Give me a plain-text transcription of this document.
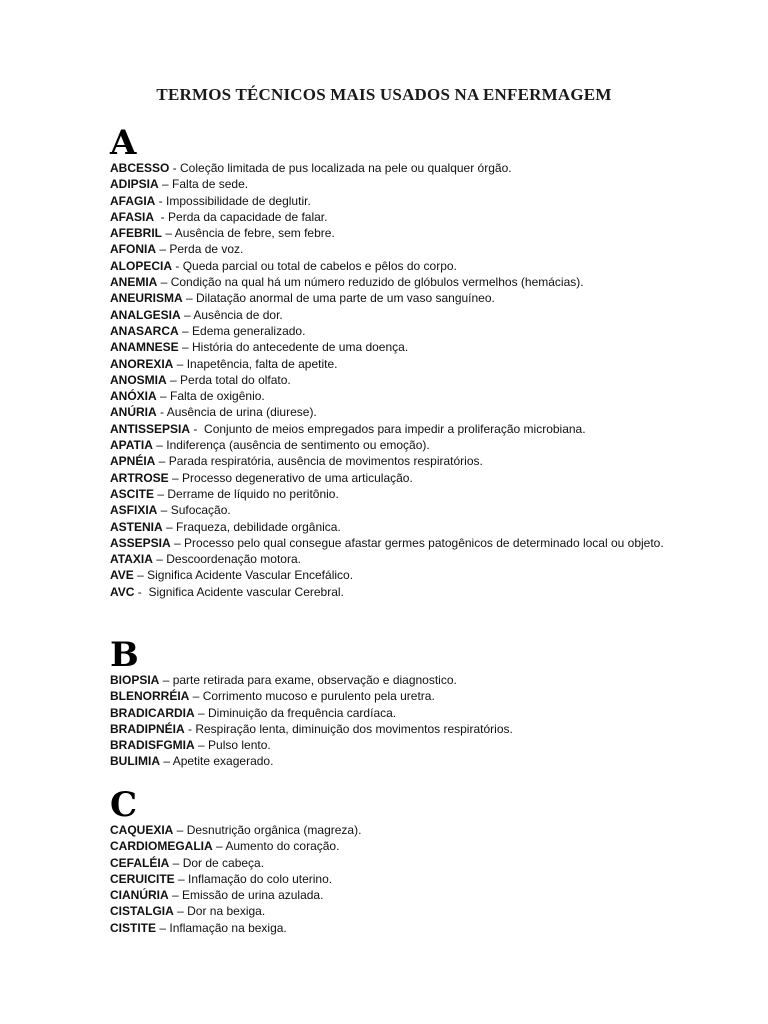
TERMOS TÉCNICOS MAIS USADOS NA ENFERMAGEM
A
ABCESSO - Coleção limitada de pus localizada na pele ou qualquer órgão.
ADIPSIA – Falta de sede.
AFAGIA - Impossibilidade de deglutir.
AFASIA  - Perda da capacidade de falar.
AFEBRIL – Ausência de febre, sem febre.
AFONIA – Perda de voz.
ALOPECIA - Queda parcial ou total de cabelos e pêlos do corpo.
ANEMIA – Condição na qual há um número reduzido de glóbulos vermelhos (hemácias).
ANEURISMA – Dilatação anormal de uma parte de um vaso sanguíneo.
ANALGESIA – Ausência de dor.
ANASARCA – Edema generalizado.
ANAMNESE – História do antecedente de uma doença.
ANOREXIA – Inapetência, falta de apetite.
ANOSMIA – Perda total do olfato.
ANÓXIA – Falta de oxigênio.
ANÚRIA - Ausência de urina (diurese).
ANTISSEPSIA -  Conjunto de meios empregados para impedir a proliferação microbiana.
APATIA – Indiferença (ausência de sentimento ou emoção).
APNÉIA – Parada respiratória, ausência de movimentos respiratórios.
ARTROSE – Processo degenerativo de uma articulação.
ASCITE – Derrame de líquido no peritônio.
ASFIXIA – Sufocação.
ASTENIA – Fraqueza, debilidade orgânica.
ASSEPSIA – Processo pelo qual consegue afastar germes patogênicos de determinado local ou objeto.
ATAXIA – Descoordenação motora.
AVE – Significa Acidente Vascular Encefálico.
AVC -  Significa Acidente vascular Cerebral.
B
BIOPSIA – parte retirada para exame, observação e diagnostico.
BLENORRÉIA – Corrimento mucoso e purulento pela uretra.
BRADICARDIA – Diminuição da frequência cardíaca.
BRADIPNÉIA - Respiração lenta, diminuição dos movimentos respiratórios.
BRADISFGMIA – Pulso lento.
BULIMIA – Apetite exagerado.
C
CAQUEXIA – Desnutrição orgânica (magreza).
CARDIOMEGALIA – Aumento do coração.
CEFALÉIA – Dor de cabeça.
CERUICITE – Inflamação do colo uterino.
CIANÚRIA – Emissão de urina azulada.
CISTALGIA – Dor na bexiga.
CISTITE – Inflamação na bexiga.
